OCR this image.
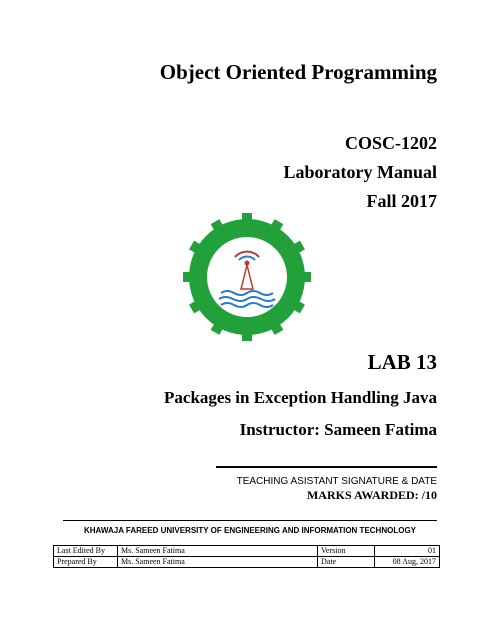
Object Oriented Programming
COSC-1202
Laboratory Manual
Fall 2017
LAB 13
Packages in Exception Handling Java
Instructor: Sameen Fatima
TEACHING ASISTANT SIGNATURE & DATE
MARKS AWARDED: /10
KHAWAJA FAREED UNIVERSITY OF ENGINEERING AND INFORMATION TECHNOLOGY
Last Edited By	Ms. Sameen Fatima	Version	01
Prepared By	Ms. Sameen Fatima	Date	08 Aug, 2017
